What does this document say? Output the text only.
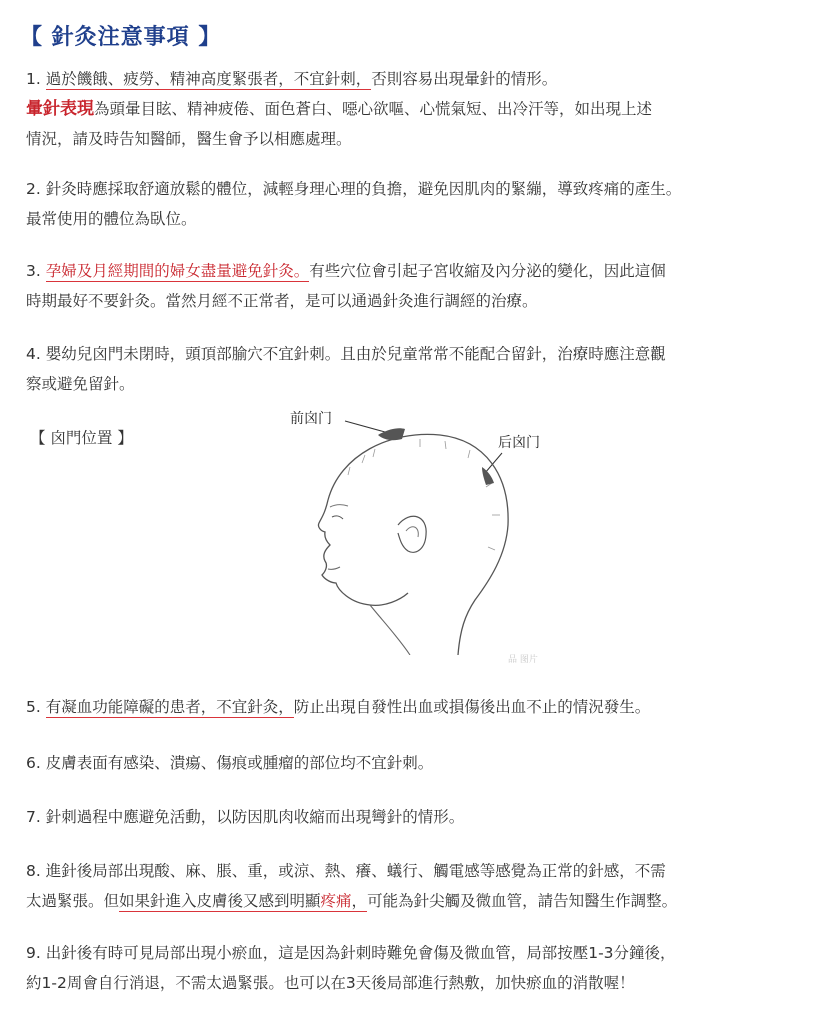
【 針灸注意事項 】
1. 過於饑餓、疲勞、精神高度緊張者，不宜針刺，否則容易出現暈針的情形。
暈針表現為頭暈目眩、精神疲倦、面色蒼白、噁心欲嘔、心慌氣短、出冷汗等，如出現上述
情況，請及時告知醫師，醫生會予以相應處理。
2. 針灸時應採取舒適放鬆的體位，減輕身理心理的負擔，避免因肌肉的緊繃，導致疼痛的產生。
最常使用的體位為臥位。
3. 孕婦及月經期間的婦女盡量避免針灸。有些穴位會引起子宮收縮及內分泌的變化，因此這個
時期最好不要針灸。當然月經不正常者，是可以通過針灸進行調經的治療。
4. 嬰幼兒囟門未閉時，頭頂部腧穴不宜針刺。且由於兒童常常不能配合留針，治療時應注意觀
察或避免留針。
【 囟門位置 】
前囟门
后囟门
品 图片
5. 有凝血功能障礙的患者，不宜針灸，防止出現自發性出血或損傷後出血不止的情況發生。
6. 皮膚表面有感染、潰瘍、傷痕或腫瘤的部位均不宜針刺。
7. 針刺過程中應避免活動，以防因肌肉收縮而出現彎針的情形。
8. 進針後局部出現酸、麻、脹、重，或涼、熱、癢、蟻行、觸電感等感覺為正常的針感，不需
太過緊張。但如果針進入皮膚後又感到明顯疼痛，可能為針尖觸及微血管，請告知醫生作調整。
9. 出針後有時可見局部出現小瘀血，這是因為針刺時難免會傷及微血管，局部按壓1-3分鐘後，
約1-2周會自行消退，不需太過緊張。也可以在3天後局部進行熱敷，加快瘀血的消散喔！
